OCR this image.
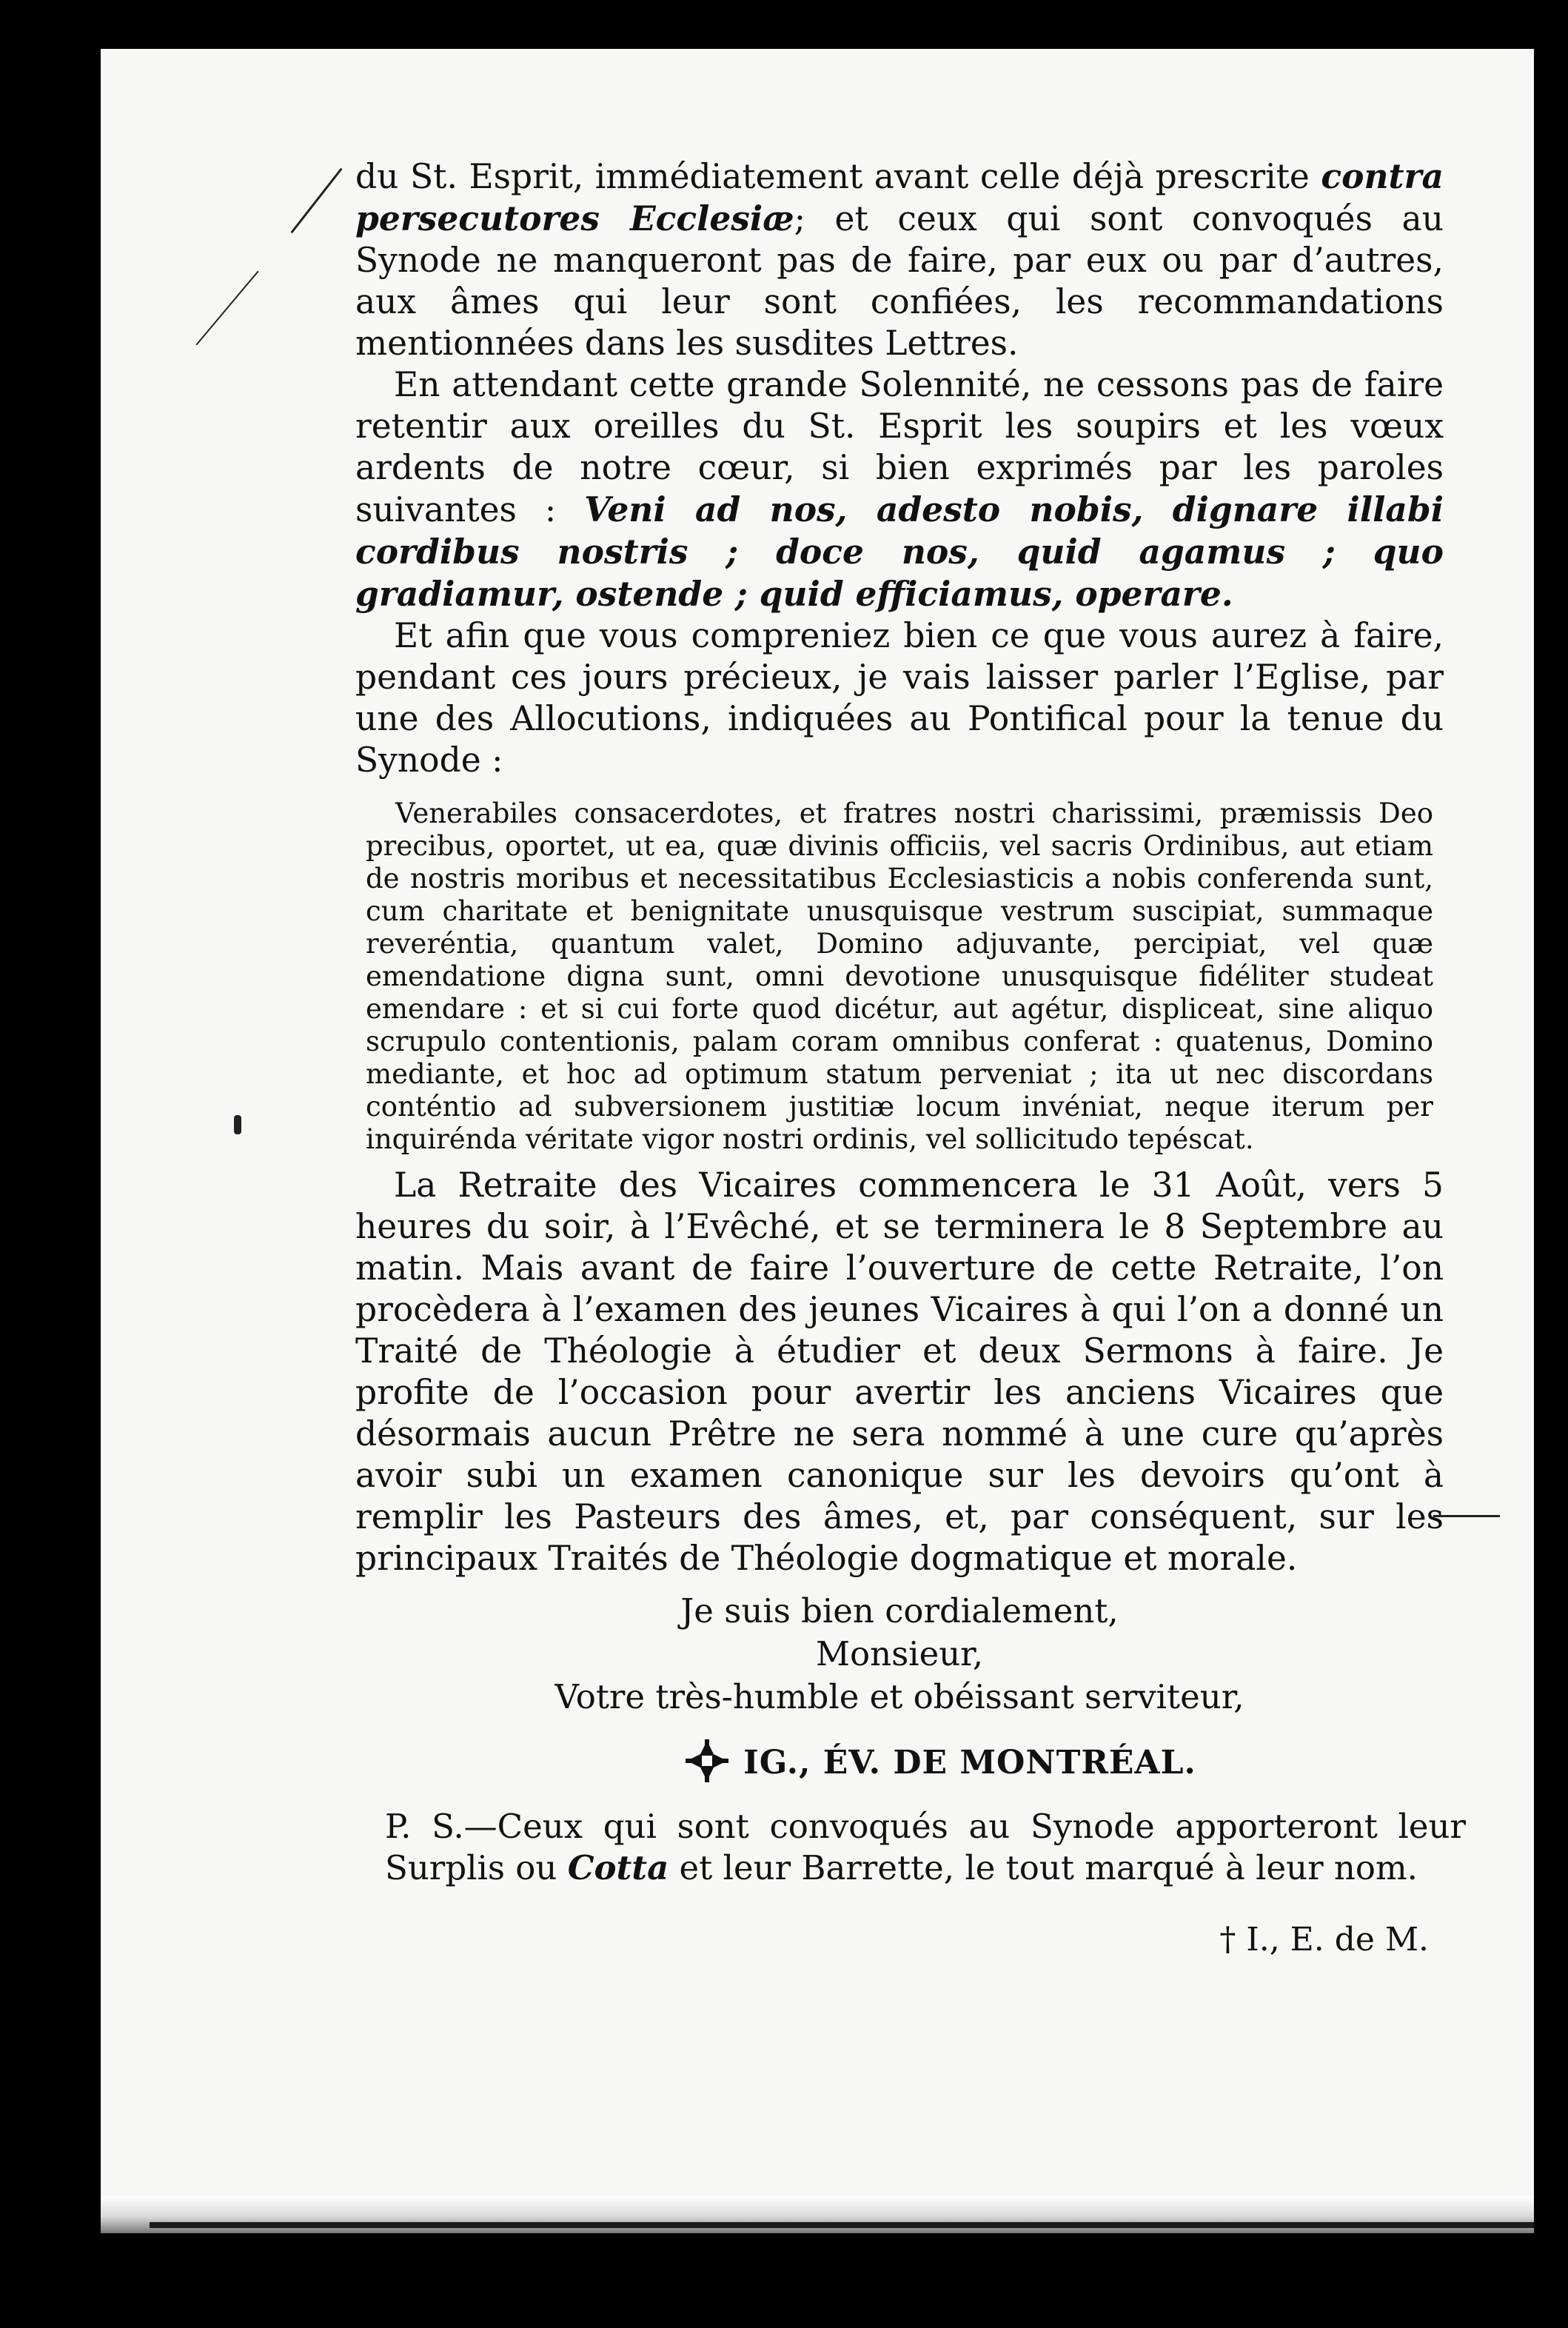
du St. Esprit, immédiatement avant celle déjà prescrite contra persecutores Ecclesiæ; et ceux qui sont convoqués au Synode ne manqueront pas de faire, par eux ou par d’autres, aux âmes qui leur sont confiées, les recommandations mentionnées dans les susdites Lettres.

En attendant cette grande Solennité, ne cessons pas de faire retentir aux oreilles du St. Esprit les soupirs et les vœux ardents de notre cœur, si bien exprimés par les paroles suivantes : Veni ad nos, adesto nobis, dignare illabi cordibus nostris ; doce nos, quid agamus ; quo gradiamur, ostende ; quid efficiamus, operare.

Et afin que vous compreniez bien ce que vous aurez à faire, pendant ces jours précieux, je vais laisser parler l’Eglise, par une des Allocutions, indiquées au Pontifical pour la tenue du Synode :

Venerabiles consacerdotes, et fratres nostri charissimi, præmissis Deo precibus, oportet, ut ea, quæ divinis officiis, vel sacris Ordinibus, aut etiam de nostris moribus et necessitatibus Ecclesiasticis a nobis conferenda sunt, cum charitate et benignitate unusquisque vestrum suscipiat, summaque reveréntia, quantum valet, Domino adjuvante, percipiat, vel quæ emendatione digna sunt, omni devotione unusquisque fidéliter studeat emendare : et si cui forte quod dicétur, aut agétur, displiceat, sine aliquo scrupulo contentionis, palam coram omnibus conferat : quatenus, Domino mediante, et hoc ad optimum statum perveniat ; ita ut nec discordans conténtio ad subversionem justitiæ locum invéniat, neque iterum per inquiréndа véritate vigor nostri ordinis, vel sollicitudo tepéscat.

La Retraite des Vicaires commencera le 31 Août, vers 5 heures du soir, à l’Evêché, et se terminera le 8 Septembre au matin. Mais avant de faire l’ouverture de cette Retraite, l’on procèdera à l’examen des jeunes Vicaires à qui l’on a donné un Traité de Théologie à étudier et deux Sermons à faire. Je profite de l’occasion pour avertir les anciens Vicaires que désormais aucun Prêtre ne sera nommé à une cure qu’après avoir subi un examen canonique sur les devoirs qu’ont à remplir les Pasteurs des âmes, et, par conséquent, sur les principaux Traités de Théologie dogmatique et morale.

Je suis bien cordialement,
Monsieur,
Votre très-humble et obéissant serviteur,
IG., ÉV. DE MONTRÉAL.

P. S.—Ceux qui sont convoqués au Synode apporteront leur Surplis ou Cotta et leur Barrette, le tout marqué à leur nom.

† I., E. de M.
